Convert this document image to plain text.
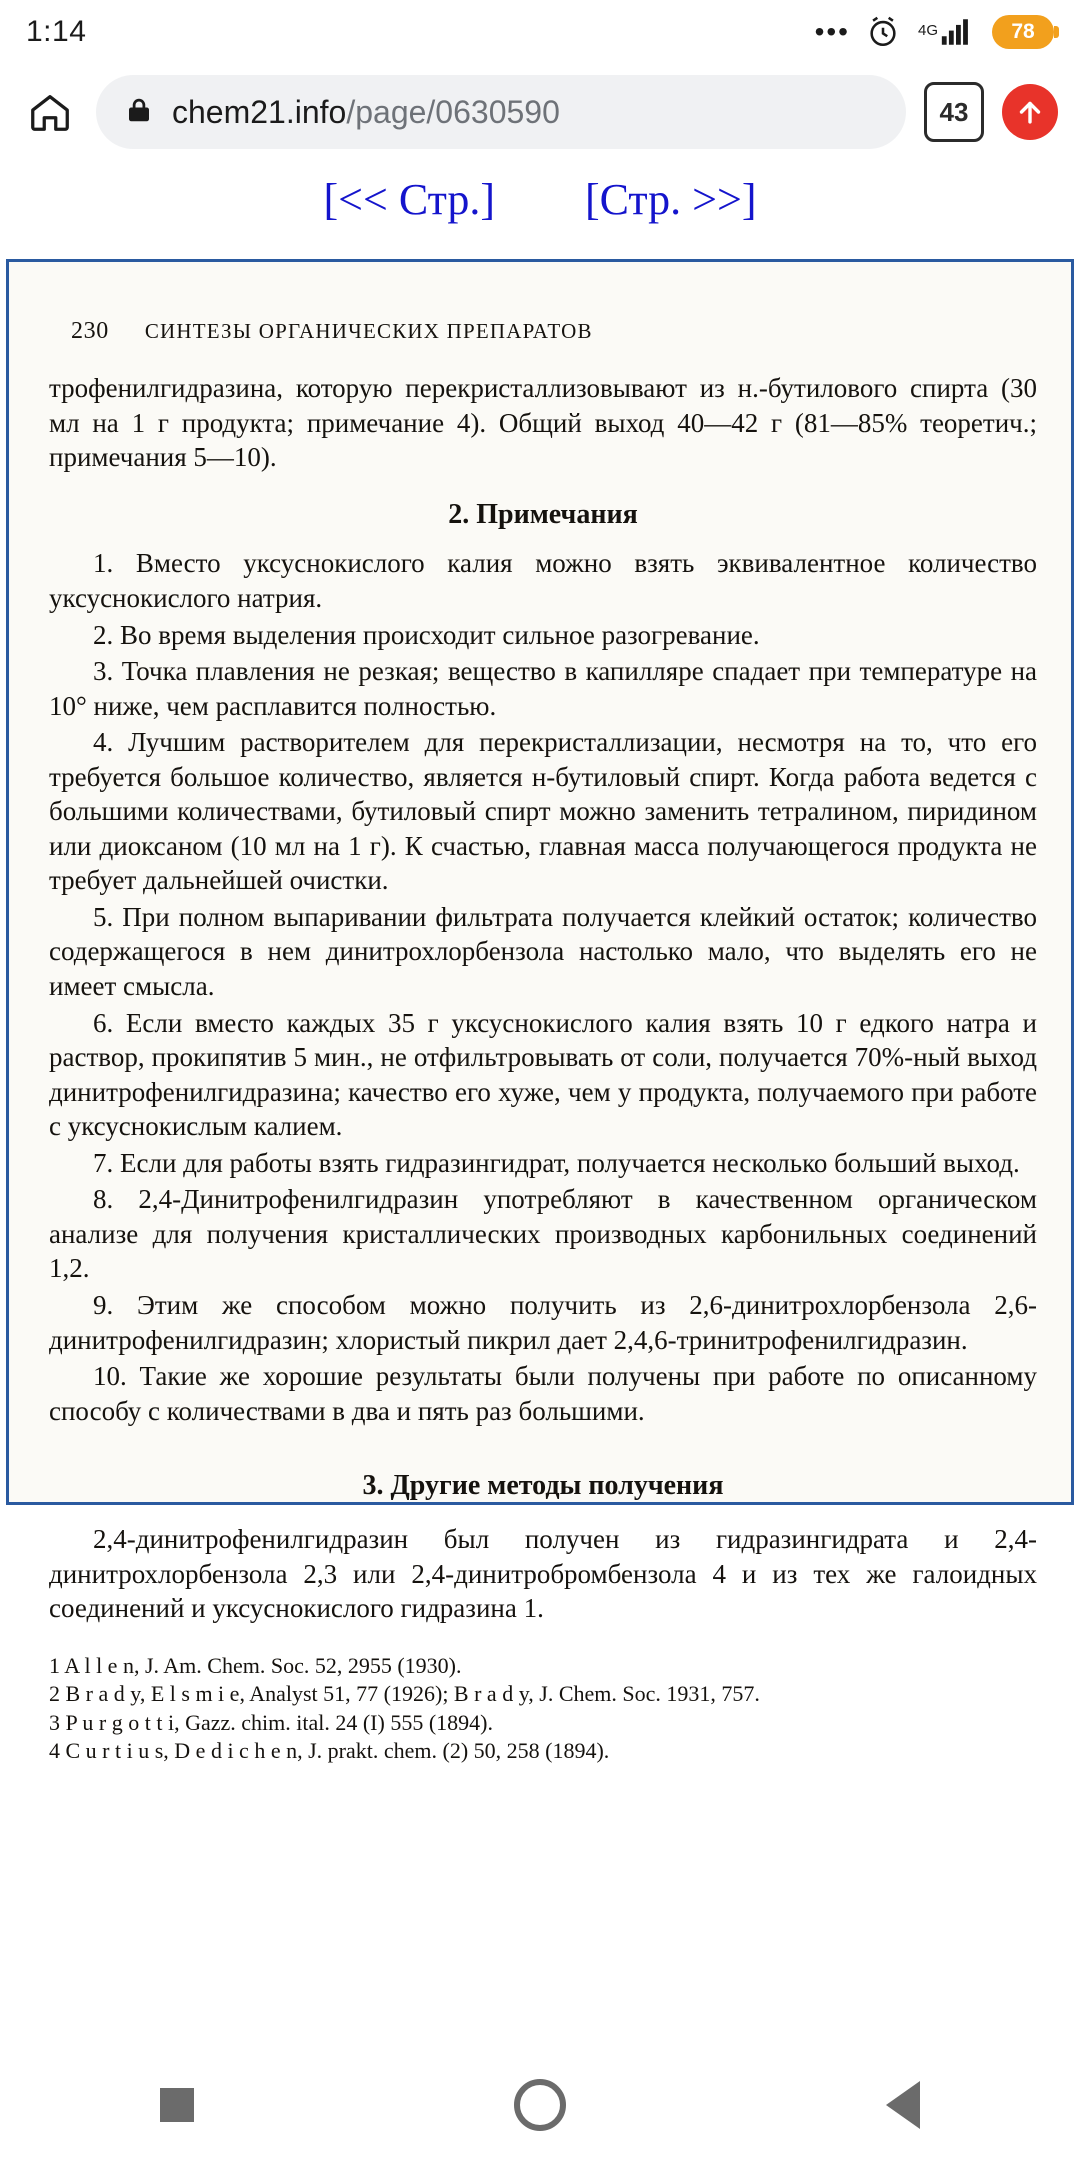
1:14	•••	4G	78
chem21.info/page/0630590	43
[<< Стр.] [Стр. >>]
230 СИНТЕЗЫ ОРГАНИЧЕСКИХ ПРЕПАРАТОВ

трофенилгидразина, которую перекристаллизовывают из н.-бутилового спирта (30 мл на 1 г продукта; примечание 4). Общий выход 40—42 г (81—85% теоретич.; примечания 5—10).

2. Примечания

1. Вместо уксуснокислого калия можно взять эквивалентное количество уксуснокислого натрия.

2. Во время выделения происходит сильное разогревание.

3. Точка плавления не резкая; вещество в капилляре спадает при температуре на 10° ниже, чем расплавится полностью.

4. Лучшим растворителем для перекристаллизации, несмотря на то, что его требуется большое количество, является н-бутиловый спирт. Когда работа ведется с большими количествами, бутиловый спирт можно заменить тетралином, пиридином или диоксаном (10 мл на 1 г). К счастью, главная масса получающегося продукта не требует дальнейшей очистки.

5. При полном выпаривании фильтрата получается клейкий остаток; количество содержащегося в нем динитрохлорбензола настолько мало, что выделять его не имеет смысла.

6. Если вместо каждых 35 г уксуснокислого калия взять 10 г едкого натра и раствор, прокипятив 5 мин., не отфильтровывать от соли, получается 70%-ный выход динитрофенилгидразина; качество его хуже, чем у продукта, получаемого при работе с уксуснокислым калием.

7. Если для работы взять гидразингидрат, получается несколько больший выход.

8. 2,4-Динитрофенилгидразин употребляют в качественном органическом анализе для получения кристаллических производных карбонильных соединений 1,2.

9. Этим же способом можно получить из 2,6-динитрохлорбензола 2,6-динитрофенилгидразин; хлористый пикрил дает 2,4,6-тринитрофенилгидразин.

10. Такие же хорошие результаты были получены при работе по описанному способу с количествами в два и пять раз большими.

3. Другие методы получения

2,4-динитрофенилгидразин был получен из гидразингидрата и 2,4-динитрохлорбензола 2,3 или 2,4-динитробромбензола 4 и из тех же галоидных соединений и уксуснокислого гидразина 1.

1 A l l e n, J. Am. Chem. Soc. 52, 2955 (1930).

2 B r a d y, E l s m i e, Analyst 51, 77 (1926); B r a d y, J. Chem. Soc. 1931, 757.

3 P u r g o t t i, Gazz. chim. ital. 24 (I) 555 (1894).

4 C u r t i u s, D e d i c h e n, J. prakt. chem. (2) 50, 258 (1894).
